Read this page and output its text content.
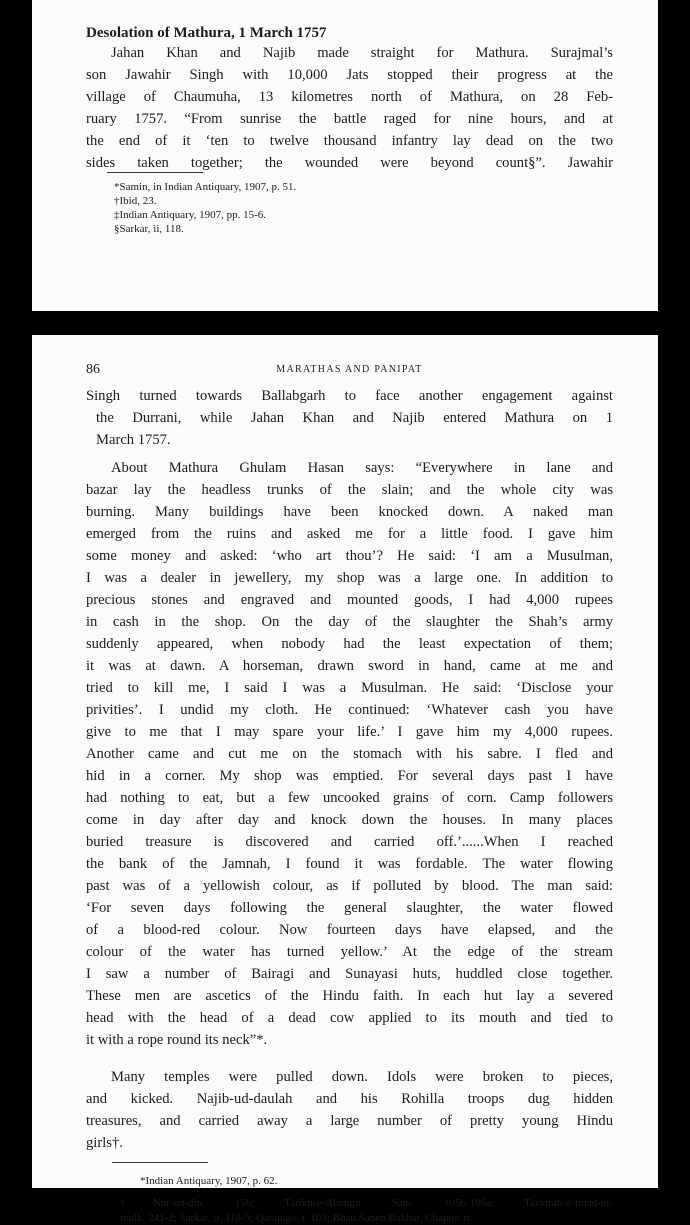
Desolation of Mathura, 1 March 1757
Jahan Khan and Najib made straight for Mathura. Surajmal’s
son Jawahir Singh with 10,000 Jats stopped their progress at the
village of Chaumuha, 13 kilometres north of Mathura, on 28 Feb-
ruary 1757. “From sunrise the battle raged for nine hours, and at
the end of it ‘ten to twelve thousand infantry lay dead on the two
sides taken together; the wounded were beyond count§”. Jawahir
*Samin, in Indian Antiquary, 1907, p. 51.
†Ibid, 23.
‡Indian Antiquary, 1907, pp. 15-6.
§Sarkar, ii, 118.
86	MARATHAS AND PANIPAT
Singh turned towards Ballabgarh to face another engagement against
the Durrani, while Jahan Khan and Najib entered Mathura on 1
March 1757.
About Mathura Ghulam Hasan says: “Everywhere in lane and
bazar lay the headless trunks of the slain; and the whole city was
burning. Many buildings have been knocked down. A naked man
emerged from the ruins and asked me for a little food. I gave him
some money and asked: ‘who art thou’? He said: ‘I am a Musulman,
I was a dealer in jewellery, my shop was a large one. In addition to
precious stones and engraved and mounted goods, I had 4,000 rupees
in cash in the shop. On the day of the slaughter the Shah’s army
suddenly appeared, when nobody had the least expectation of them;
it was at dawn. A horseman, drawn sword in hand, came at me and
tried to kill me, I said I was a Musulman. He said: ‘Disclose your
privities’. I undid my cloth. He continued: ‘Whatever cash you have
give to me that I may spare your life.’ I gave him my 4,000 rupees.
Another came and cut me on the stomach with his sabre. I fled and
hid in a corner. My shop was emptied. For several days past I have
had nothing to eat, but a few uncooked grains of corn. Camp followers
come in day after day and knock down the houses. In many places
buried treasure is discovered and carried off.’......When I reached
the bank of the Jamnah, I found it was fordable. The water flowing
past was of a yellowish colour, as if polluted by blood. The man said:
‘For seven days following the general slaughter, the water flowed
of a blood-red colour. Now fourteen days have elapsed, and the
colour of the water has turned yellow.’ At the edge of the stream
I saw a number of Bairagi and Sunayasi huts, huddled close together.
These men are ascetics of the Hindu faith. In each hut lay a severed
head with the head of a dead cow applied to its mouth and tied to
it with a rope round its neck”*.
Many temples were pulled down. Idols were broken to pieces,
and kicked. Najib-ud-daulah and his Rohilla troops dug hidden
treasures, and carried away a large number of pretty young Hindu
girls†.
*Indian Antiquary, 1907, p. 62.
†Nur-ud-din, 15b; Tarikh-e-Alamgir Sani. 105b-106a: Tazkirah-e-Imad-ul-
mulk, 241-2; Sarkar, ii, 118-9; Qanungo, i, 103; Bhau Saheb Bakhar, Chapter iv.
